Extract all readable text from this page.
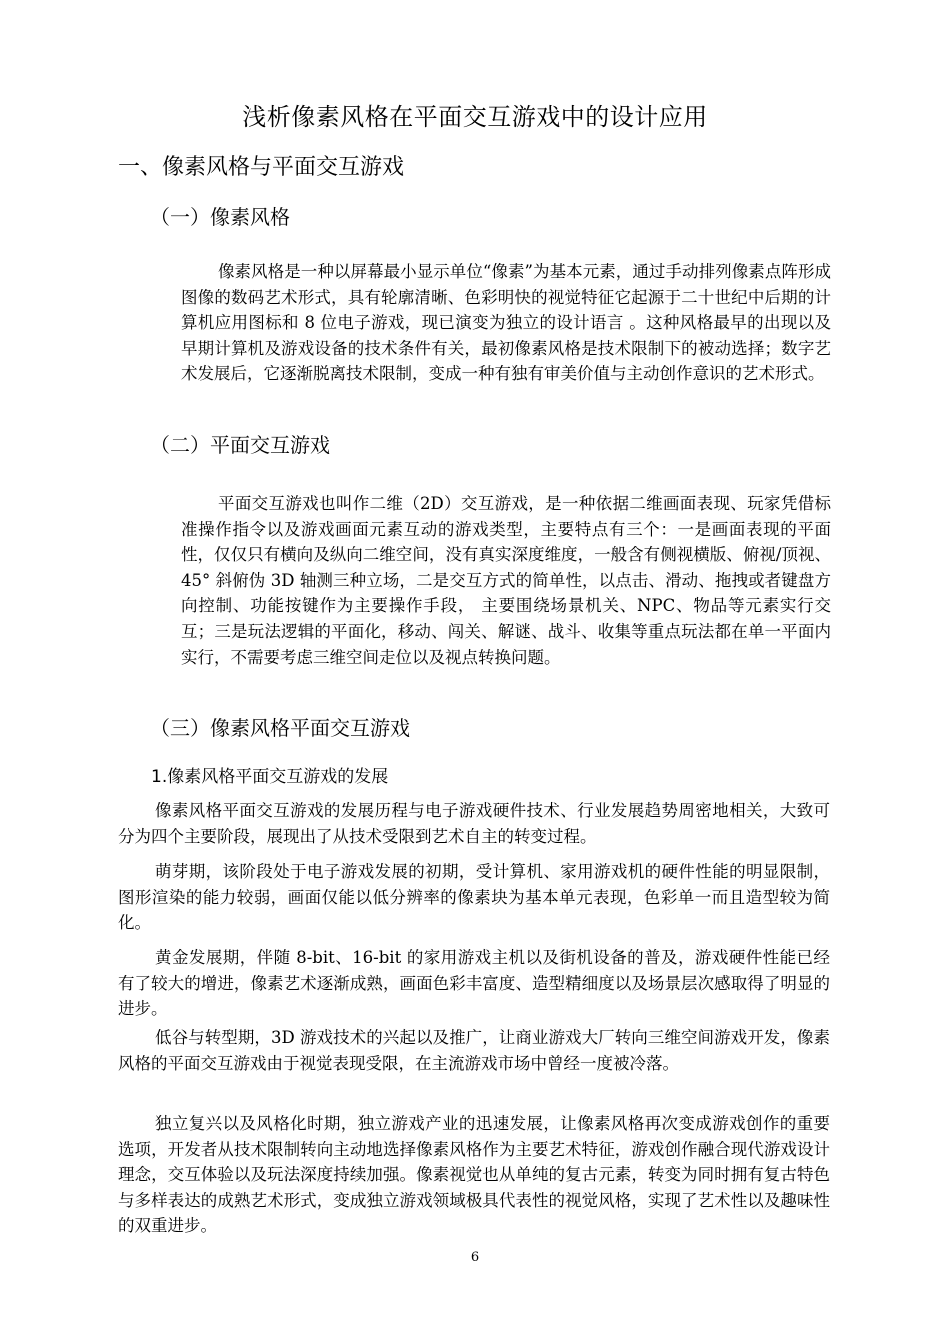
浅析像素风格在平面交互游戏中的设计应用
一、像素风格与平面交互游戏
（一）像素风格

像素风格是一种以屏幕最小显示单位“像素”为基本元素，通过手动排列像素点阵形成图像的数码艺术形式，具有轮廓清晰、色彩明快的视觉特征它起源于二十世纪中后期的计算机应用图标和 8 位电子游戏，现已演变为独立的设计语言 。这种风格最早的出现以及早期计算机及游戏设备的技术条件有关，最初像素风格是技术限制下的被动选择；数字艺术发展后，它逐渐脱离技术限制，变成一种有独有审美价值与主动创作意识的艺术形式。

（二）平面交互游戏

平面交互游戏也叫作二维（2D）交互游戏，是一种依据二维画面表现、玩家凭借标准操作指令以及游戏画面元素互动的游戏类型，主要特点有三个：一是画面表现的平面性，仅仅只有横向及纵向二维空间，没有真实深度维度，一般含有侧视横版、俯视/顶视、45° 斜俯伪 3D 轴测三种立场，二是交互方式的简单性，以点击、滑动、拖拽或者键盘方向控制、功能按键作为主要操作手段， 主要围绕场景机关、NPC、物品等元素实行交互；三是玩法逻辑的平面化，移动、闯关、解谜、战斗、收集等重点玩法都在单一平面内实行，不需要考虑三维空间走位以及视点转换问题。

（三）像素风格平面交互游戏
1.像素风格平面交互游戏的发展

像素风格平面交互游戏的发展历程与电子游戏硬件技术、行业发展趋势周密地相关，大致可分为四个主要阶段，展现出了从技术受限到艺术自主的转变过程。

萌芽期，该阶段处于电子游戏发展的初期，受计算机、家用游戏机的硬件性能的明显限制，图形渲染的能力较弱，画面仅能以低分辨率的像素块为基本单元表现，色彩单一而且造型较为简化。

黄金发展期，伴随 8-bit、16-bit 的家用游戏主机以及街机设备的普及，游戏硬件性能已经有了较大的增进，像素艺术逐渐成熟，画面色彩丰富度、造型精细度以及场景层次感取得了明显的进步。

低谷与转型期，3D 游戏技术的兴起以及推广，让商业游戏大厂转向三维空间游戏开发，像素风格的平面交互游戏由于视觉表现受限，在主流游戏市场中曾经一度被冷落。

独立复兴以及风格化时期，独立游戏产业的迅速发展，让像素风格再次变成游戏创作的重要选项，开发者从技术限制转向主动地选择像素风格作为主要艺术特征，游戏创作融合现代游戏设计理念，交互体验以及玩法深度持续加强。像素视觉也从单纯的复古元素，转变为同时拥有复古特色与多样表达的成熟艺术形式，变成独立游戏领域极具代表性的视觉风格，实现了艺术性以及趣味性的双重进步。

6
